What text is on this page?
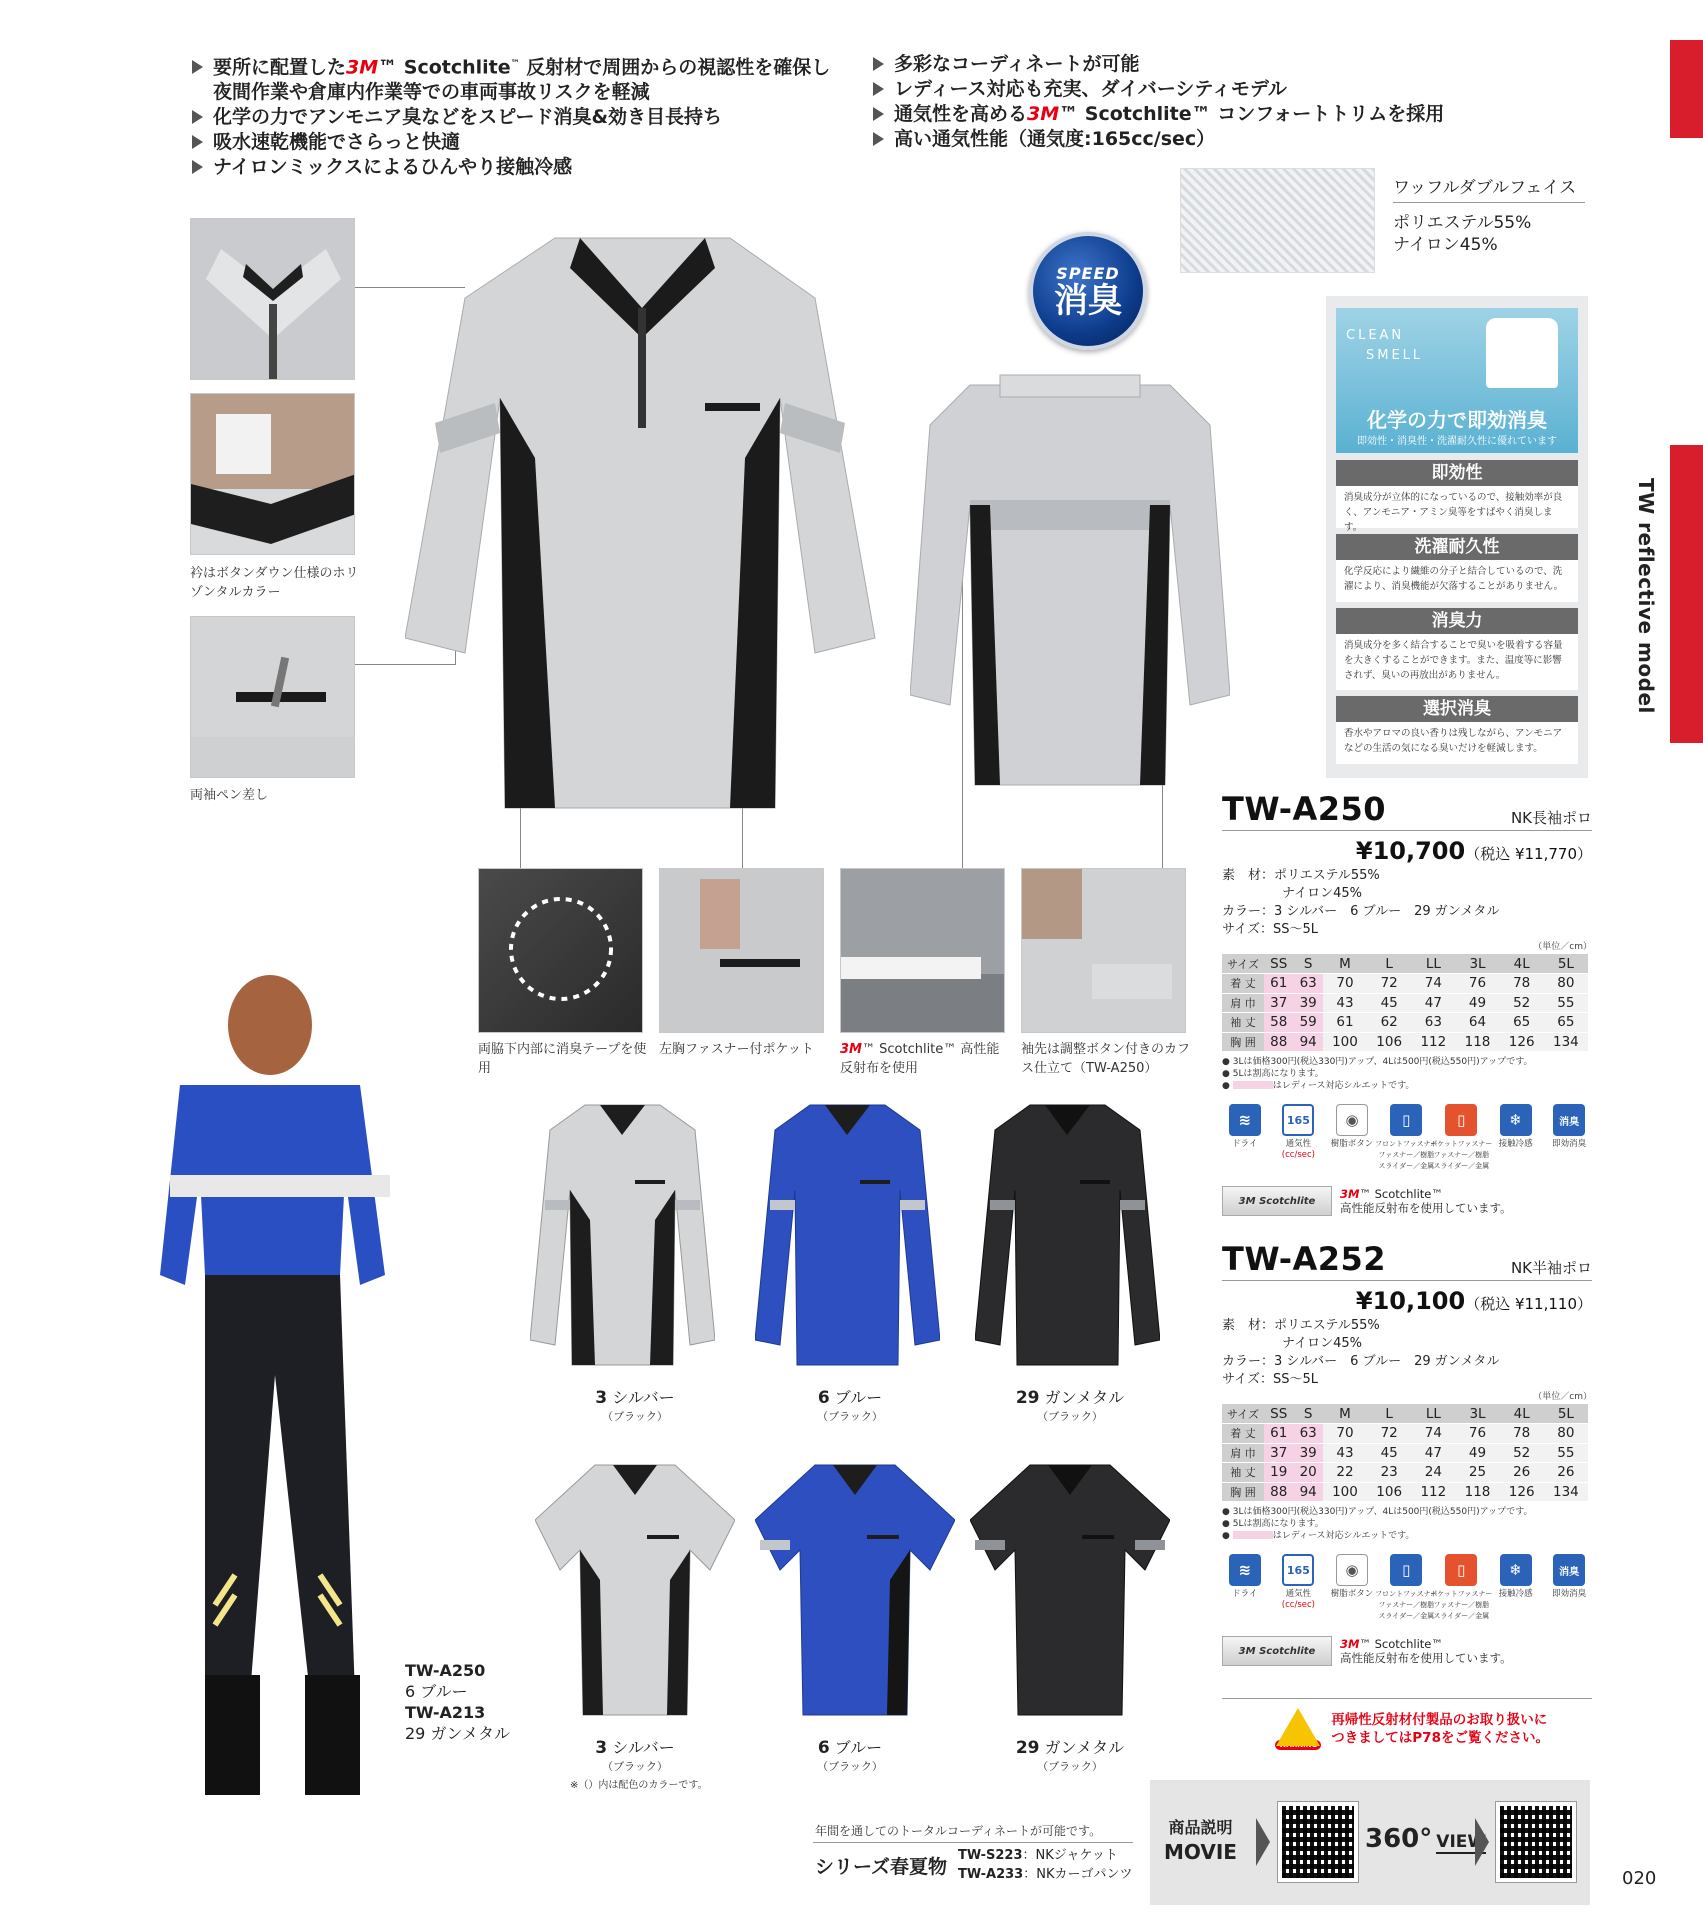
要所に配置した3M™ Scotchlite™ 反射材で周囲からの視認性を確保し
夜間作業や倉庫内作業等での車両事故リスクを軽減
化学の力でアンモニア臭などをスピード消臭&効き目長持ち
吸水速乾機能でさらっと快適
ナイロンミックスによるひんやり接触冷感
多彩なコーディネートが可能
レディース対応も充実、ダイバーシティモデル
通気性を高める3M™ Scotchlite™ コンフォートトリムを採用
高い通気性能（通気度:165cc/sec）
TW reflective model
衿はボタンダウン仕様のホリゾンタルカラー
両袖ペン差し
SPEED
消臭
ワッフルダブルフェイス
ポリエステル55%
ナイロン45%
CLEAN
SMELL
化学の力で即効消臭
即効性・消臭性・洗濯耐久性に優れています
即効性
消臭成分が立体的になっているので、接触効率が良く、アンモニア・アミン臭等をすばやく消臭します。
洗濯耐久性
化学反応により繊維の分子と結合しているので、洗濯により、消臭機能が欠落することがありません。
消臭力
消臭成分を多く結合することで臭いを吸着する容量を大きくすることができます。また、温度等に影響されず、臭いの再放出がありません。
選択消臭
香水やアロマの良い香りは残しながら、アンモニアなどの生活の気になる臭いだけを軽減します。
両脇下内部に消臭テープを使用
左胸ファスナー付ポケット	3M™ Scotchlite™ 高性能反射布を使用
袖先は調整ボタン付きのカフス仕立て（TW-A250）
TW-A250
6 ブルー
TW-A213
29 ガンメタル
3 シルバー
（ブラック）
6 ブルー
（ブラック）
29 ガンメタル
（ブラック）
3 シルバー
（ブラック）
6 ブルー
（ブラック）
29 ガンメタル
（ブラック）
※（）内は配色のカラーです。
TW-A250	NK長袖ポロ
¥10,700（税込 ¥11,770）
素　材：ポリエステル55%
ナイロン45%
カラー：3 シルバー　6 ブルー　29 ガンメタル
サイズ：SS〜5L
（単位／cm）
サイズ	SS	S	M	L	LL	3L	4L	5L
着 丈	61	63	70	72	74	76	78	80
肩 巾	37	39	43	45	47	49	52	55
袖 丈	58	59	61	62	63	64	65	65
胸 囲	88	94	100	106	112	118	126	134
● 3Lは価格300円(税込330円)アップ、4Lは500円(税込550円)アップです。
● 5Lは割高になります。
●	はレディース対応シルエットです。
≋
ドライ
165
通気性
(cc/sec)
◉
樹脂ボタン
▯
フロントファスナー
ファスナー／樹脂
スライダー／金属
▯
ポケットファスナー
ファスナー／樹脂
スライダー／金属
❄
接触冷感
消臭
即効消臭
3M Scotchlite	3M™ Scotchlite™
高性能反射布を使用しています。
TW-A252	NK半袖ポロ
¥10,100（税込 ¥11,110）
素　材：ポリエステル55%
ナイロン45%
カラー：3 シルバー　6 ブルー　29 ガンメタル
サイズ：SS〜5L
（単位／cm）
サイズ	SS	S	M	L	LL	3L	4L	5L
着 丈	61	63	70	72	74	76	78	80
肩 巾	37	39	43	45	47	49	52	55
袖 丈	19	20	22	23	24	25	26	26
胸 囲	88	94	100	106	112	118	126	134
● 3Lは価格300円(税込330円)アップ、4Lは500円(税込550円)アップです。
● 5Lは割高になります。
●	はレディース対応シルエットです。
≋
ドライ
165
通気性
(cc/sec)
◉
樹脂ボタン
▯
フロントファスナー
ファスナー／樹脂
スライダー／金属
▯
ポケットファスナー
ファスナー／樹脂
スライダー／金属
❄
接触冷感
消臭
即効消臭
3M Scotchlite	3M™ Scotchlite™
高性能反射布を使用しています。
WARNING
再帰性反射材付製品のお取り扱いに
つきましてはP78をご覧ください。
年間を通してのトータルコーディネートが可能です。
シリーズ春夏物
TW-S223：NKジャケット
TW-A233：NKカーゴパンツ
商品説明
MOVIE	360° VIEW
020
